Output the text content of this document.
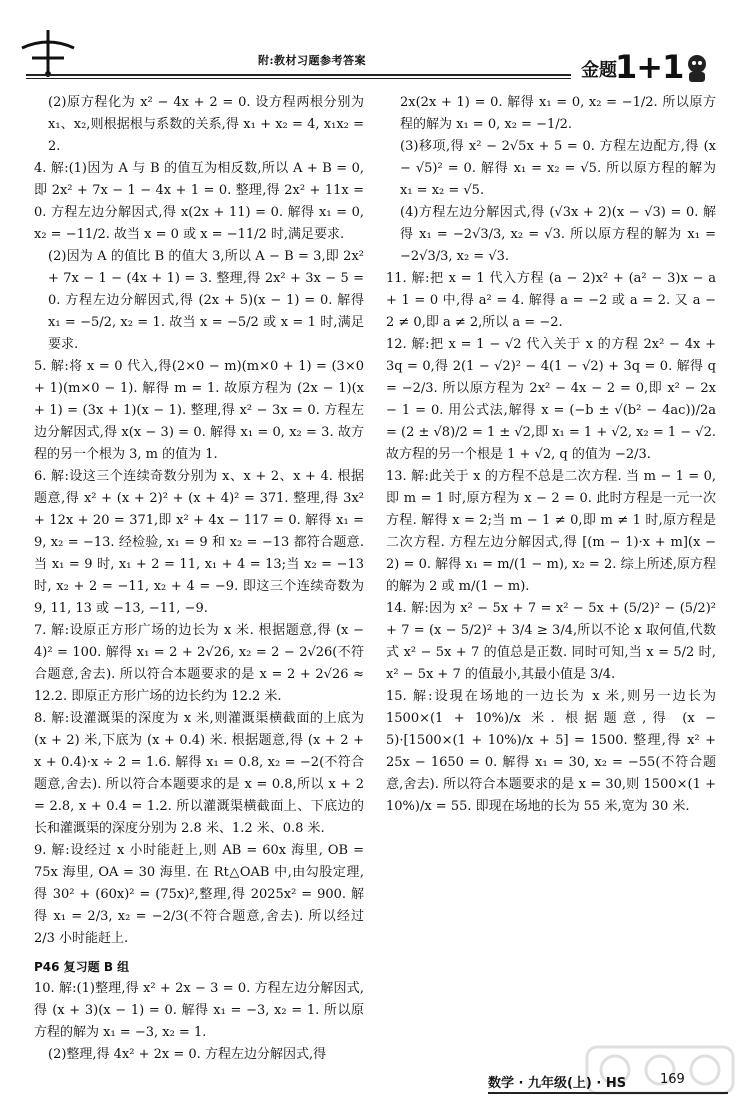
附:教材习题参考答案	金题
1+1

(2)原方程化为 x² − 4x + 2 = 0. 设方程两根分别为 x₁、x₂,则根据根与系数的关系,得 x₁ + x₂ = 4, x₁x₂ = 2.

4. 解:(1)因为 A 与 B 的值互为相反数,所以 A + B = 0,即 2x² + 7x − 1 − 4x + 1 = 0. 整理,得 2x² + 11x = 0. 方程左边分解因式,得 x(2x + 11) = 0. 解得 x₁ = 0, x₂ = −11/2. 故当 x = 0 或 x = −11/2 时,满足要求.

(2)因为 A 的值比 B 的值大 3,所以 A − B = 3,即 2x² + 7x − 1 − (4x + 1) = 3. 整理,得 2x² + 3x − 5 = 0. 方程左边分解因式,得 (2x + 5)(x − 1) = 0. 解得 x₁ = −5/2, x₂ = 1. 故当 x = −5/2 或 x = 1 时,满足要求.

5. 解:将 x = 0 代入,得(2×0 − m)(m×0 + 1) = (3×0 + 1)(m×0 − 1). 解得 m = 1. 故原方程为 (2x − 1)(x + 1) = (3x + 1)(x − 1). 整理,得 x² − 3x = 0. 方程左边分解因式,得 x(x − 3) = 0. 解得 x₁ = 0, x₂ = 3. 故方程的另一个根为 3, m 的值为 1.

6. 解:设这三个连续奇数分别为 x、x + 2、x + 4. 根据题意,得 x² + (x + 2)² + (x + 4)² = 371. 整理,得 3x² + 12x + 20 = 371,即 x² + 4x − 117 = 0. 解得 x₁ = 9, x₂ = −13. 经检验, x₁ = 9 和 x₂ = −13 都符合题意. 当 x₁ = 9 时, x₁ + 2 = 11, x₁ + 4 = 13;当 x₂ = −13 时, x₂ + 2 = −11, x₂ + 4 = −9. 即这三个连续奇数为 9, 11, 13 或 −13, −11, −9.

7. 解:设原正方形广场的边长为 x 米. 根据题意,得 (x − 4)² = 100. 解得 x₁ = 2 + 2√26, x₂ = 2 − 2√26(不符合题意,舍去). 所以符合本题要求的是 x = 2 + 2√26 ≈ 12.2. 即原正方形广场的边长约为 12.2 米.

8. 解:设灌溉渠的深度为 x 米,则灌溉渠横截面的上底为 (x + 2) 米,下底为 (x + 0.4) 米. 根据题意,得 (x + 2 + x + 0.4)·x ÷ 2 = 1.6. 解得 x₁ = 0.8, x₂ = −2(不符合题意,舍去). 所以符合本题要求的是 x = 0.8,所以 x + 2 = 2.8, x + 0.4 = 1.2. 所以灌溉渠横截面上、下底边的长和灌溉渠的深度分别为 2.8 米、1.2 米、0.8 米.

9. 解:设经过 x 小时能赶上,则 AB = 60x 海里, OB = 75x 海里, OA = 30 海里. 在 Rt△OAB 中,由勾股定理,得 30² + (60x)² = (75x)²,整理,得 2025x² = 900. 解得 x₁ = 2/3, x₂ = −2/3(不符合题意,舍去). 所以经过 2/3 小时能赶上.

P46 复习题 B 组

10. 解:(1)整理,得 x² + 2x − 3 = 0. 方程左边分解因式,得 (x + 3)(x − 1) = 0. 解得 x₁ = −3, x₂ = 1. 所以原方程的解为 x₁ = −3, x₂ = 1.

(2)整理,得 4x² + 2x = 0. 方程左边分解因式,得

2x(2x + 1) = 0. 解得 x₁ = 0, x₂ = −1/2. 所以原方程的解为 x₁ = 0, x₂ = −1/2.

(3)移项,得 x² − 2√5x + 5 = 0. 方程左边配方,得 (x − √5)² = 0. 解得 x₁ = x₂ = √5. 所以原方程的解为 x₁ = x₂ = √5.

(4)方程左边分解因式,得 (√3x + 2)(x − √3) = 0. 解得 x₁ = −2√3/3, x₂ = √3. 所以原方程的解为 x₁ = −2√3/3, x₂ = √3.

11. 解:把 x = 1 代入方程 (a − 2)x² + (a² − 3)x − a + 1 = 0 中,得 a² = 4. 解得 a = −2 或 a = 2. 又 a − 2 ≠ 0,即 a ≠ 2,所以 a = −2.

12. 解:把 x = 1 − √2 代入关于 x 的方程 2x² − 4x + 3q = 0,得 2(1 − √2)² − 4(1 − √2) + 3q = 0. 解得 q = −2/3. 所以原方程为 2x² − 4x − 2 = 0,即 x² − 2x − 1 = 0. 用公式法,解得 x = (−b ± √(b² − 4ac))/2a = (2 ± √8)/2 = 1 ± √2,即 x₁ = 1 + √2, x₂ = 1 − √2. 故方程的另一个根是 1 + √2, q 的值为 −2/3.

13. 解:此关于 x 的方程不总是二次方程. 当 m − 1 = 0,即 m = 1 时,原方程为 x − 2 = 0. 此时方程是一元一次方程. 解得 x = 2;当 m − 1 ≠ 0,即 m ≠ 1 时,原方程是二次方程. 方程左边分解因式,得 [(m − 1)·x + m](x − 2) = 0. 解得 x₁ = m/(1 − m), x₂ = 2. 综上所述,原方程的解为 2 或 m/(1 − m).

14. 解:因为 x² − 5x + 7 = x² − 5x + (5/2)² − (5/2)² + 7 = (x − 5/2)² + 3/4 ≥ 3/4,所以不论 x 取何值,代数式 x² − 5x + 7 的值总是正数. 同时可知,当 x = 5/2 时, x² − 5x + 7 的值最小,其最小值是 3/4.

15. 解:设現在场地的一边长为 x 米,则另一边长为 1500×(1 + 10%)/x 米. 根据题意,得 (x − 5)·[1500×(1 + 10%)/x + 5] = 1500. 整理,得 x² + 25x − 1650 = 0. 解得 x₁ = 30, x₂ = −55(不符合题意,舍去). 所以符合本题要求的是 x = 30,则 1500×(1 + 10%)/x = 55. 即现在场地的长为 55 米,宽为 30 米.

数学 · 九年级(上) · HS	169
